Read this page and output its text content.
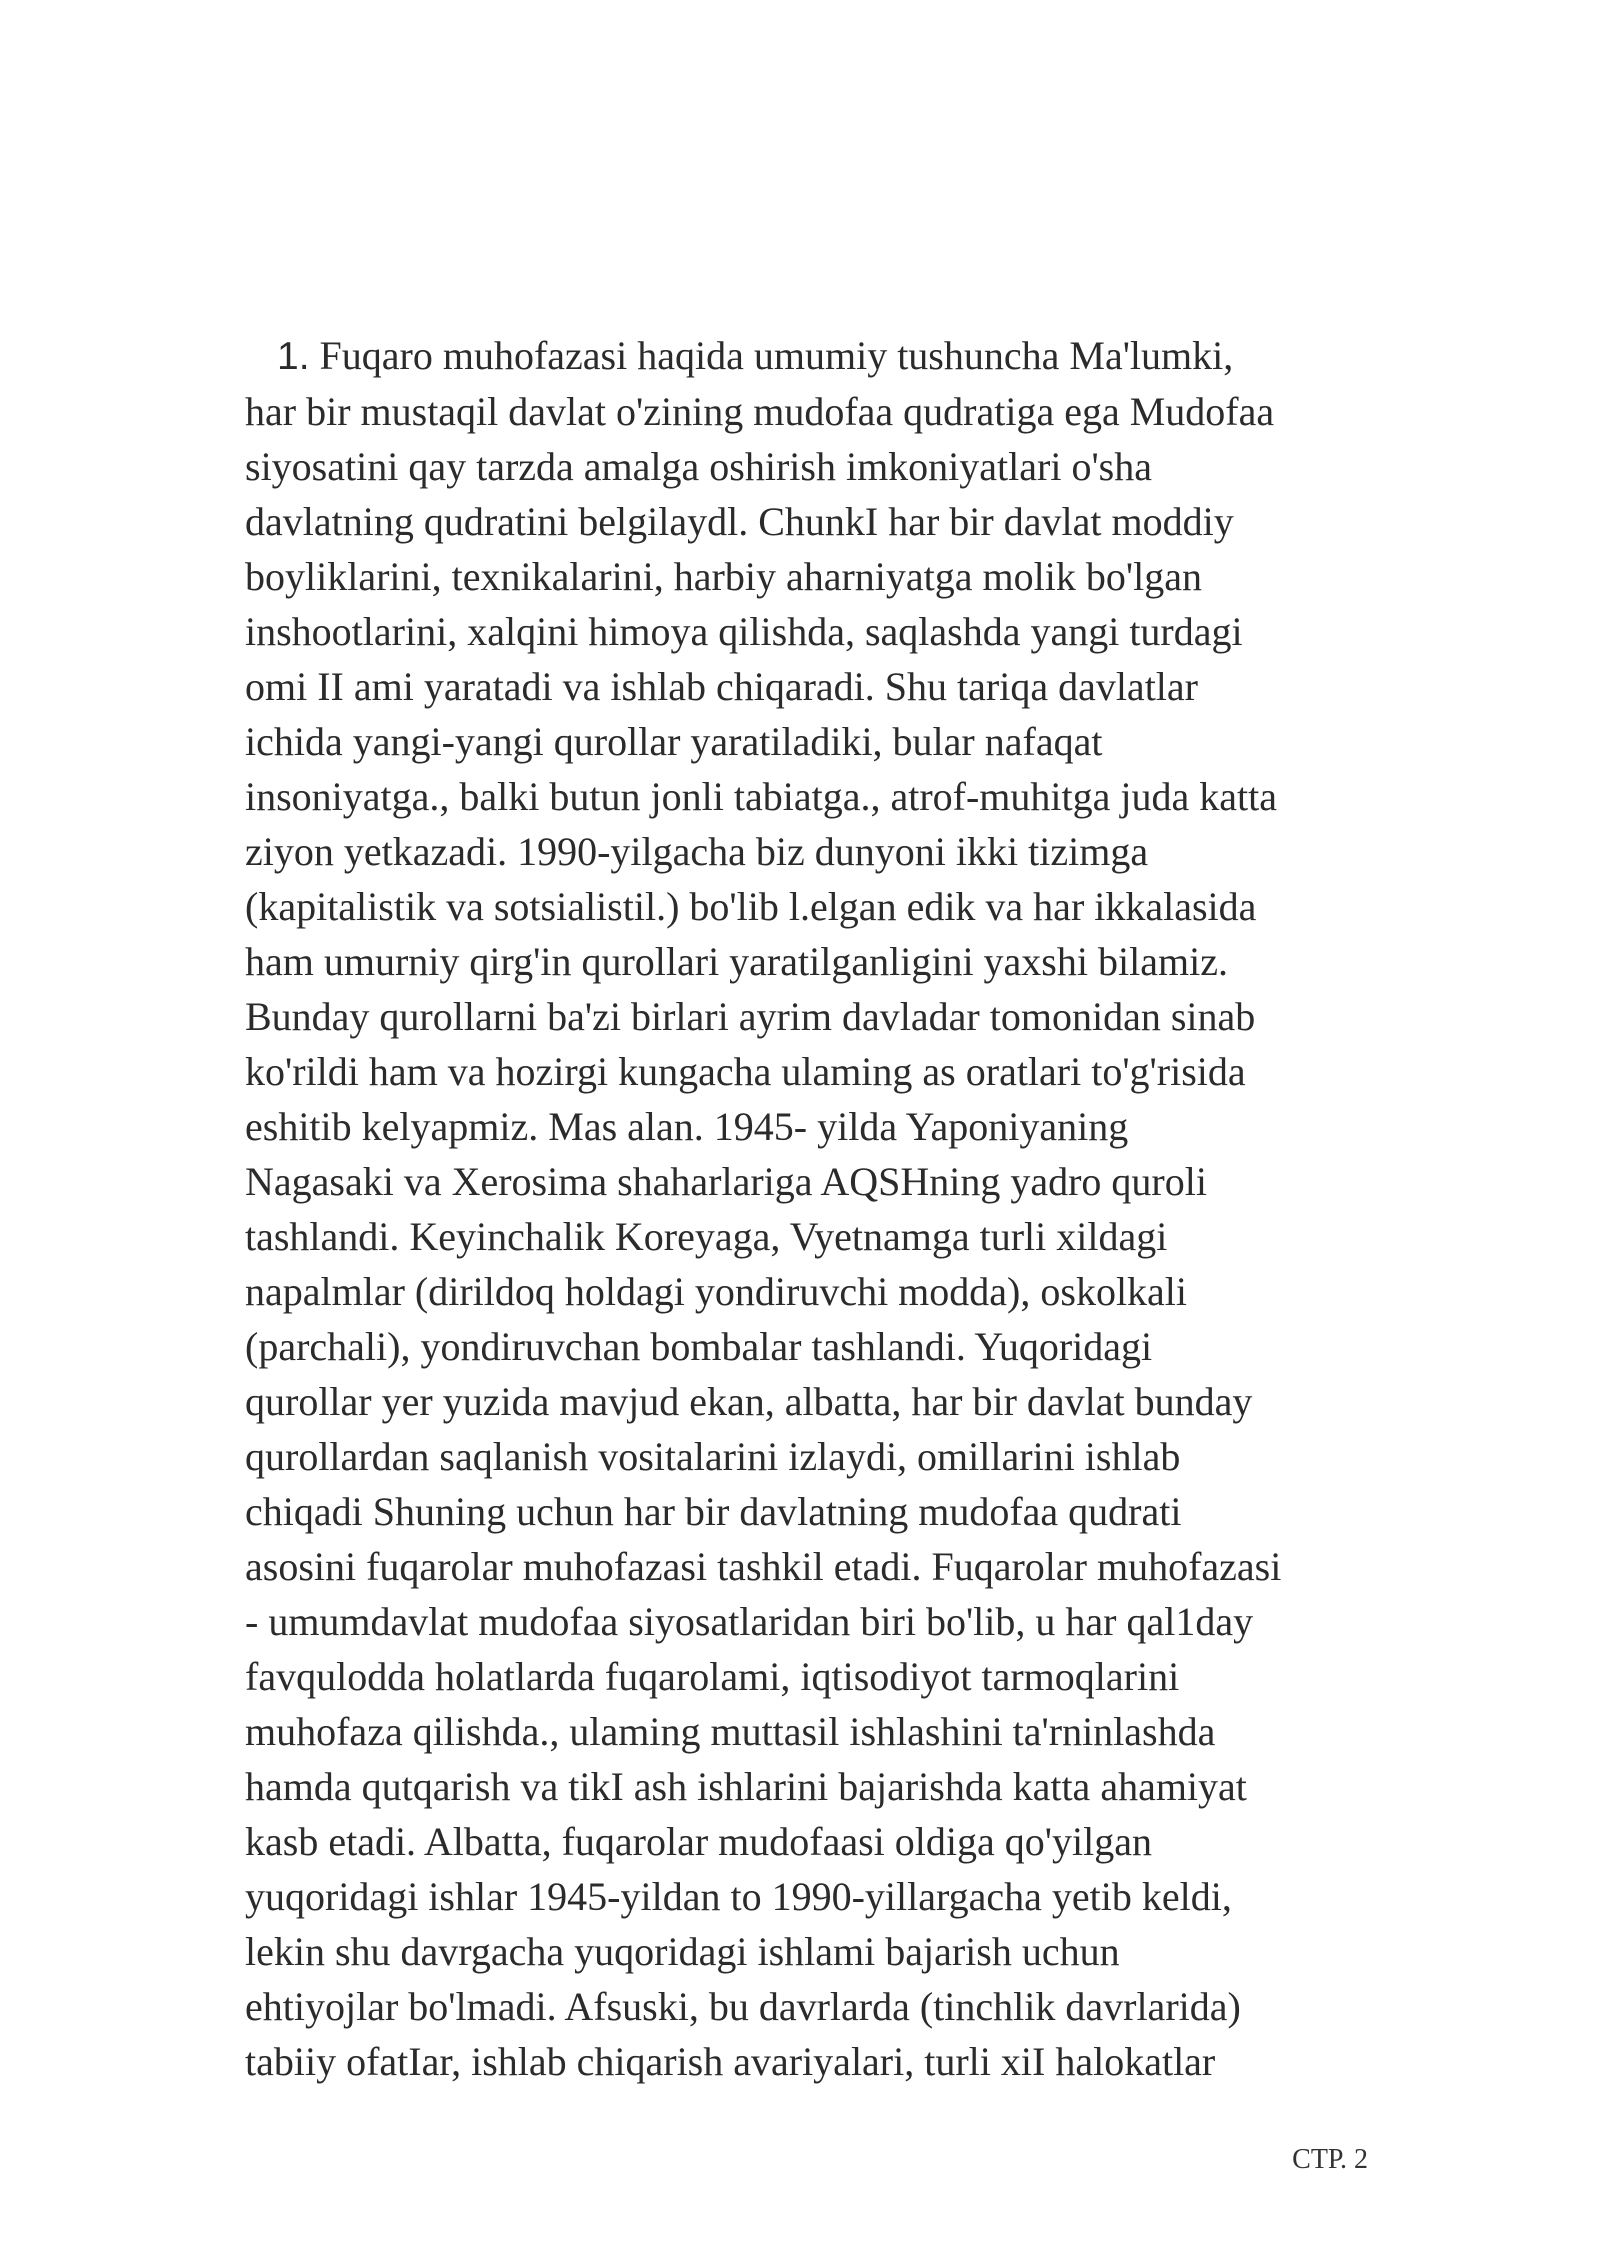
1. Fuqaro muhofazasi haqida umumiy tushuncha Ma'lumki,
har bir mustaqil davlat o'zining mudofaa qudratiga ega Mudofaa
siyosatini qay tarzda amalga oshirish imkoniyatlari o'sha
davlatning qudratini belgilaydl. ChunkI har bir davlat moddiy
boyliklarini, texnikalarini, harbiy aharniyatga molik bo'lgan
inshootlarini, xalqini himoya qilishda, saqlashda yangi turdagi
omi II ami yaratadi va ishlab chiqaradi. Shu tariqa davlatlar
ichida yangi-yangi qurollar yaratiladiki, bular nafaqat
insoniyatga., balki butun jonli tabiatga., atrof-muhitga juda katta
ziyon yetkazadi. 1990-yilgacha biz dunyoni ikki tizimga
(kapitalistik va sotsialistil.) bo'lib l.elgan edik va har ikkalasida
ham umurniy qirg'in qurollari yaratilganligini yaxshi bilamiz.
Bunday qurollarni ba'zi birlari ayrim davladar tomonidan sinab
ko'rildi ham va hozirgi kungacha ulaming as oratlari to'g'risida
eshitib kelyapmiz. Mas alan. 1945- yilda Yaponiyaning
Nagasaki va Xerosima shaharlariga AQSHning yadro quroli
tashlandi. Keyinchalik Koreyaga, Vyetnamga turli xildagi
napalmlar (dirildoq holdagi yondiruvchi modda), oskolkali
(parchali), yondiruvchan bombalar tashlandi. Yuqoridagi
qurollar yer yuzida mavjud ekan, albatta, har bir davlat bunday
qurollardan saqlanish vositalarini izlaydi, omillarini ishlab
chiqadi Shuning uchun har bir davlatning mudofaa qudrati
asosini fuqarolar muhofazasi tashkil etadi. Fuqarolar muhofazasi
- umumdavlat mudofaa siyosatlaridan biri bo'lib, u har qal1day
favqulodda holatlarda fuqarolami, iqtisodiyot tarmoqlarini
muhofaza qilishda., ulaming muttasil ishlashini ta'rninlashda
hamda qutqarish va tikI ash ishlarini bajarishda katta ahamiyat
kasb etadi. Albatta, fuqarolar mudofaasi oldiga qo'yilgan
yuqoridagi ishlar 1945-yildan to 1990-yillargacha yetib keldi,
lekin shu davrgacha yuqoridagi ishlami bajarish uchun
ehtiyojlar bo'lmadi. Afsuski, bu davrlarda (tinchlik davrlarida)
tabiiy ofatIar, ishlab chiqarish avariyalari, turli xiI halokatlar
СТР. 2
